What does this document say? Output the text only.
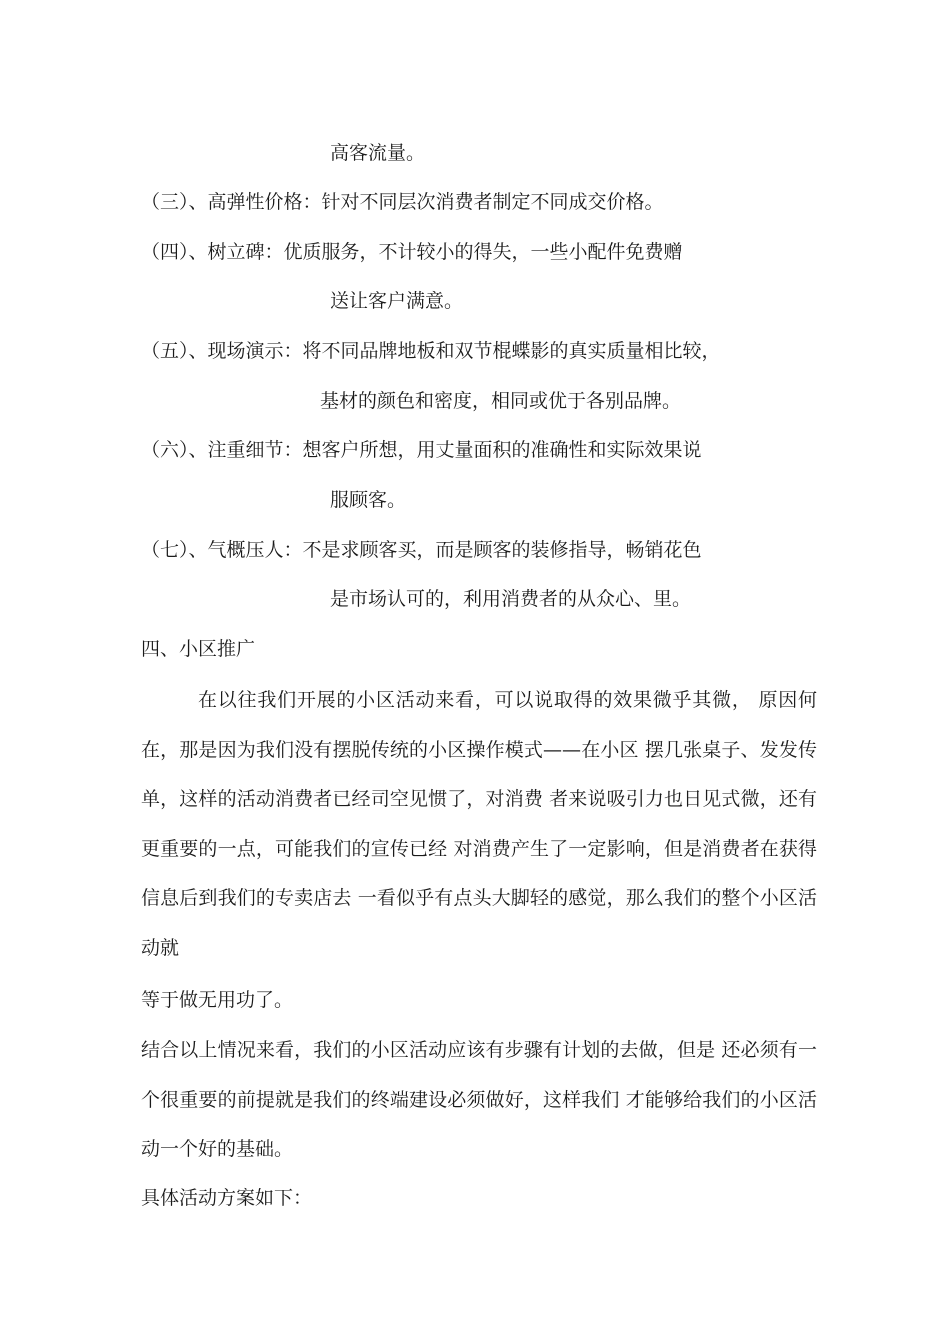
高客流量。
（三）、高弹性价格：针对不同层次消费者制定不同成交价格。
（四）、树立碑：优质服务，不计较小的得失，一些小配件免费赠
送让客户满意。
（五）、现场演示：将不同品牌地板和双节棍蝶影的真实质量相比较，
基材的颜色和密度，相同或优于各别品牌。
（六）、注重细节：想客户所想，用丈量面积的准确性和实际效果说
服顾客。
（七）、气概压人：不是求顾客买，而是顾客的装修指导，畅销花色
是市场认可的，利用消费者的从众心、里。
四、小区推广
在以往我们开展的小区活动来看，可以说取得的效果微乎其微， 原因何在，那是因为我们没有摆脱传统的小区操作模式——在小区 摆几张桌子、发发传单，这样的活动消费者已经司空见惯了，对消费 者来说吸引力也日见式微，还有更重要的一点，可能我们的宣传已经 对消费产生了一定影响，但是消费者在获得信息后到我们的专卖店去 一看似乎有点头大脚轻的感觉，那么我们的整个小区活动就
等于做无用功了。
结合以上情况来看，我们的小区活动应该有步骤有计划的去做，但是 还必须有一个很重要的前提就是我们的终端建设必须做好，这样我们 才能够给我们的小区活动一个好的基础。
具体活动方案如下：
